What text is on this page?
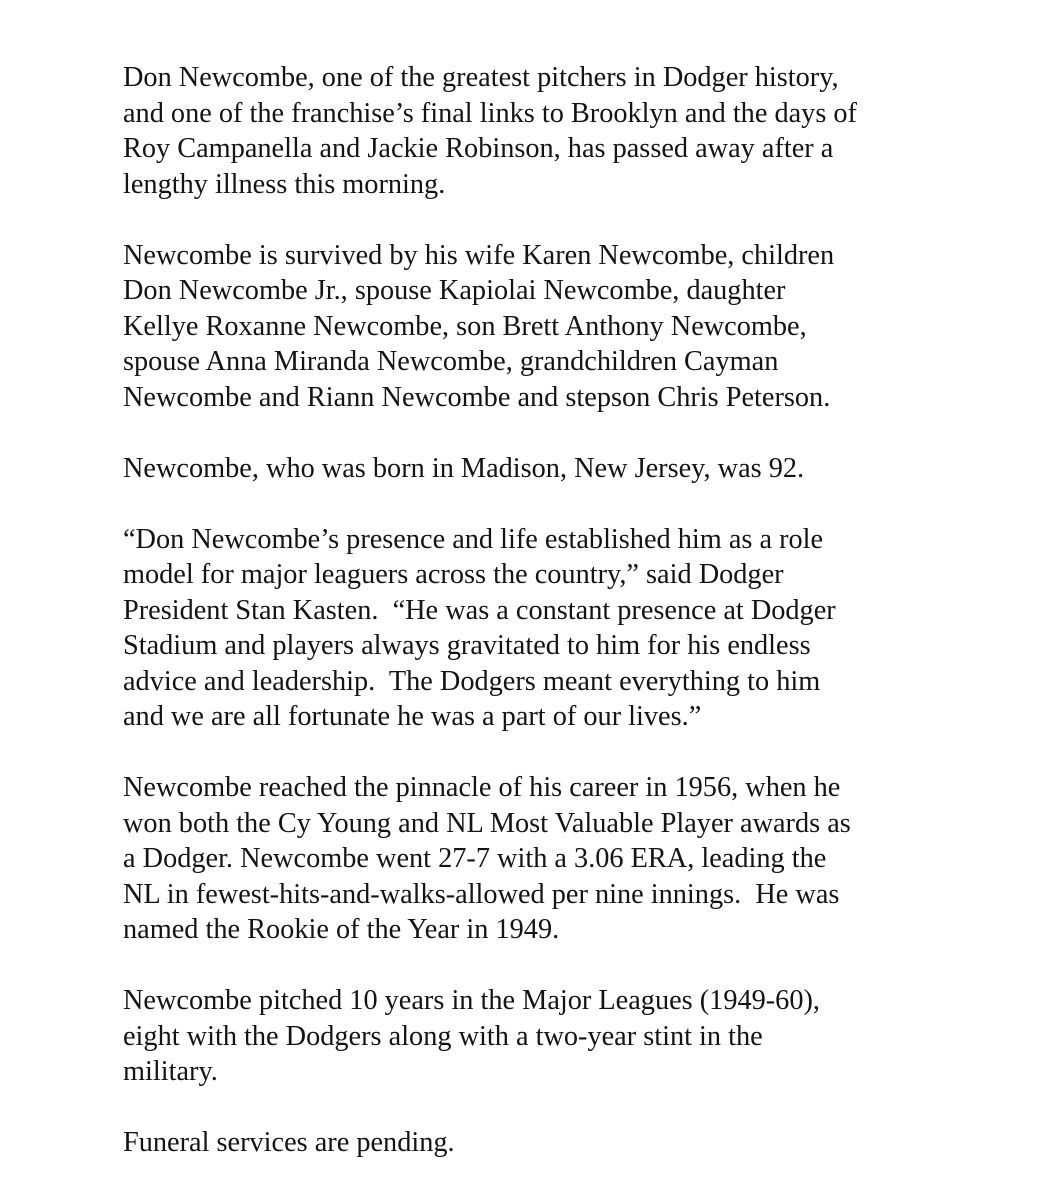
Don Newcombe, one of the greatest pitchers in Dodger history,
and one of the franchise’s final links to Brooklyn and the days of
Roy Campanella and Jackie Robinson, has passed away after a
lengthy illness this morning.

Newcombe is survived by his wife Karen Newcombe, children
Don Newcombe Jr., spouse Kapiolai Newcombe, daughter
Kellye Roxanne Newcombe, son Brett Anthony Newcombe,
spouse Anna Miranda Newcombe, grandchildren Cayman
Newcombe and Riann Newcombe and stepson Chris Peterson.

Newcombe, who was born in Madison, New Jersey, was 92.

“Don Newcombe’s presence and life established him as a role
model for major leaguers across the country,” said Dodger
President Stan Kasten.  “He was a constant presence at Dodger
Stadium and players always gravitated to him for his endless
advice and leadership.  The Dodgers meant everything to him
and we are all fortunate he was a part of our lives.”

Newcombe reached the pinnacle of his career in 1956, when he
won both the Cy Young and NL Most Valuable Player awards as
a Dodger. Newcombe went 27-7 with a 3.06 ERA, leading the
NL in fewest-hits-and-walks-allowed per nine innings.  He was
named the Rookie of the Year in 1949.

Newcombe pitched 10 years in the Major Leagues (1949-60),
eight with the Dodgers along with a two-year stint in the
military.

Funeral services are pending.
